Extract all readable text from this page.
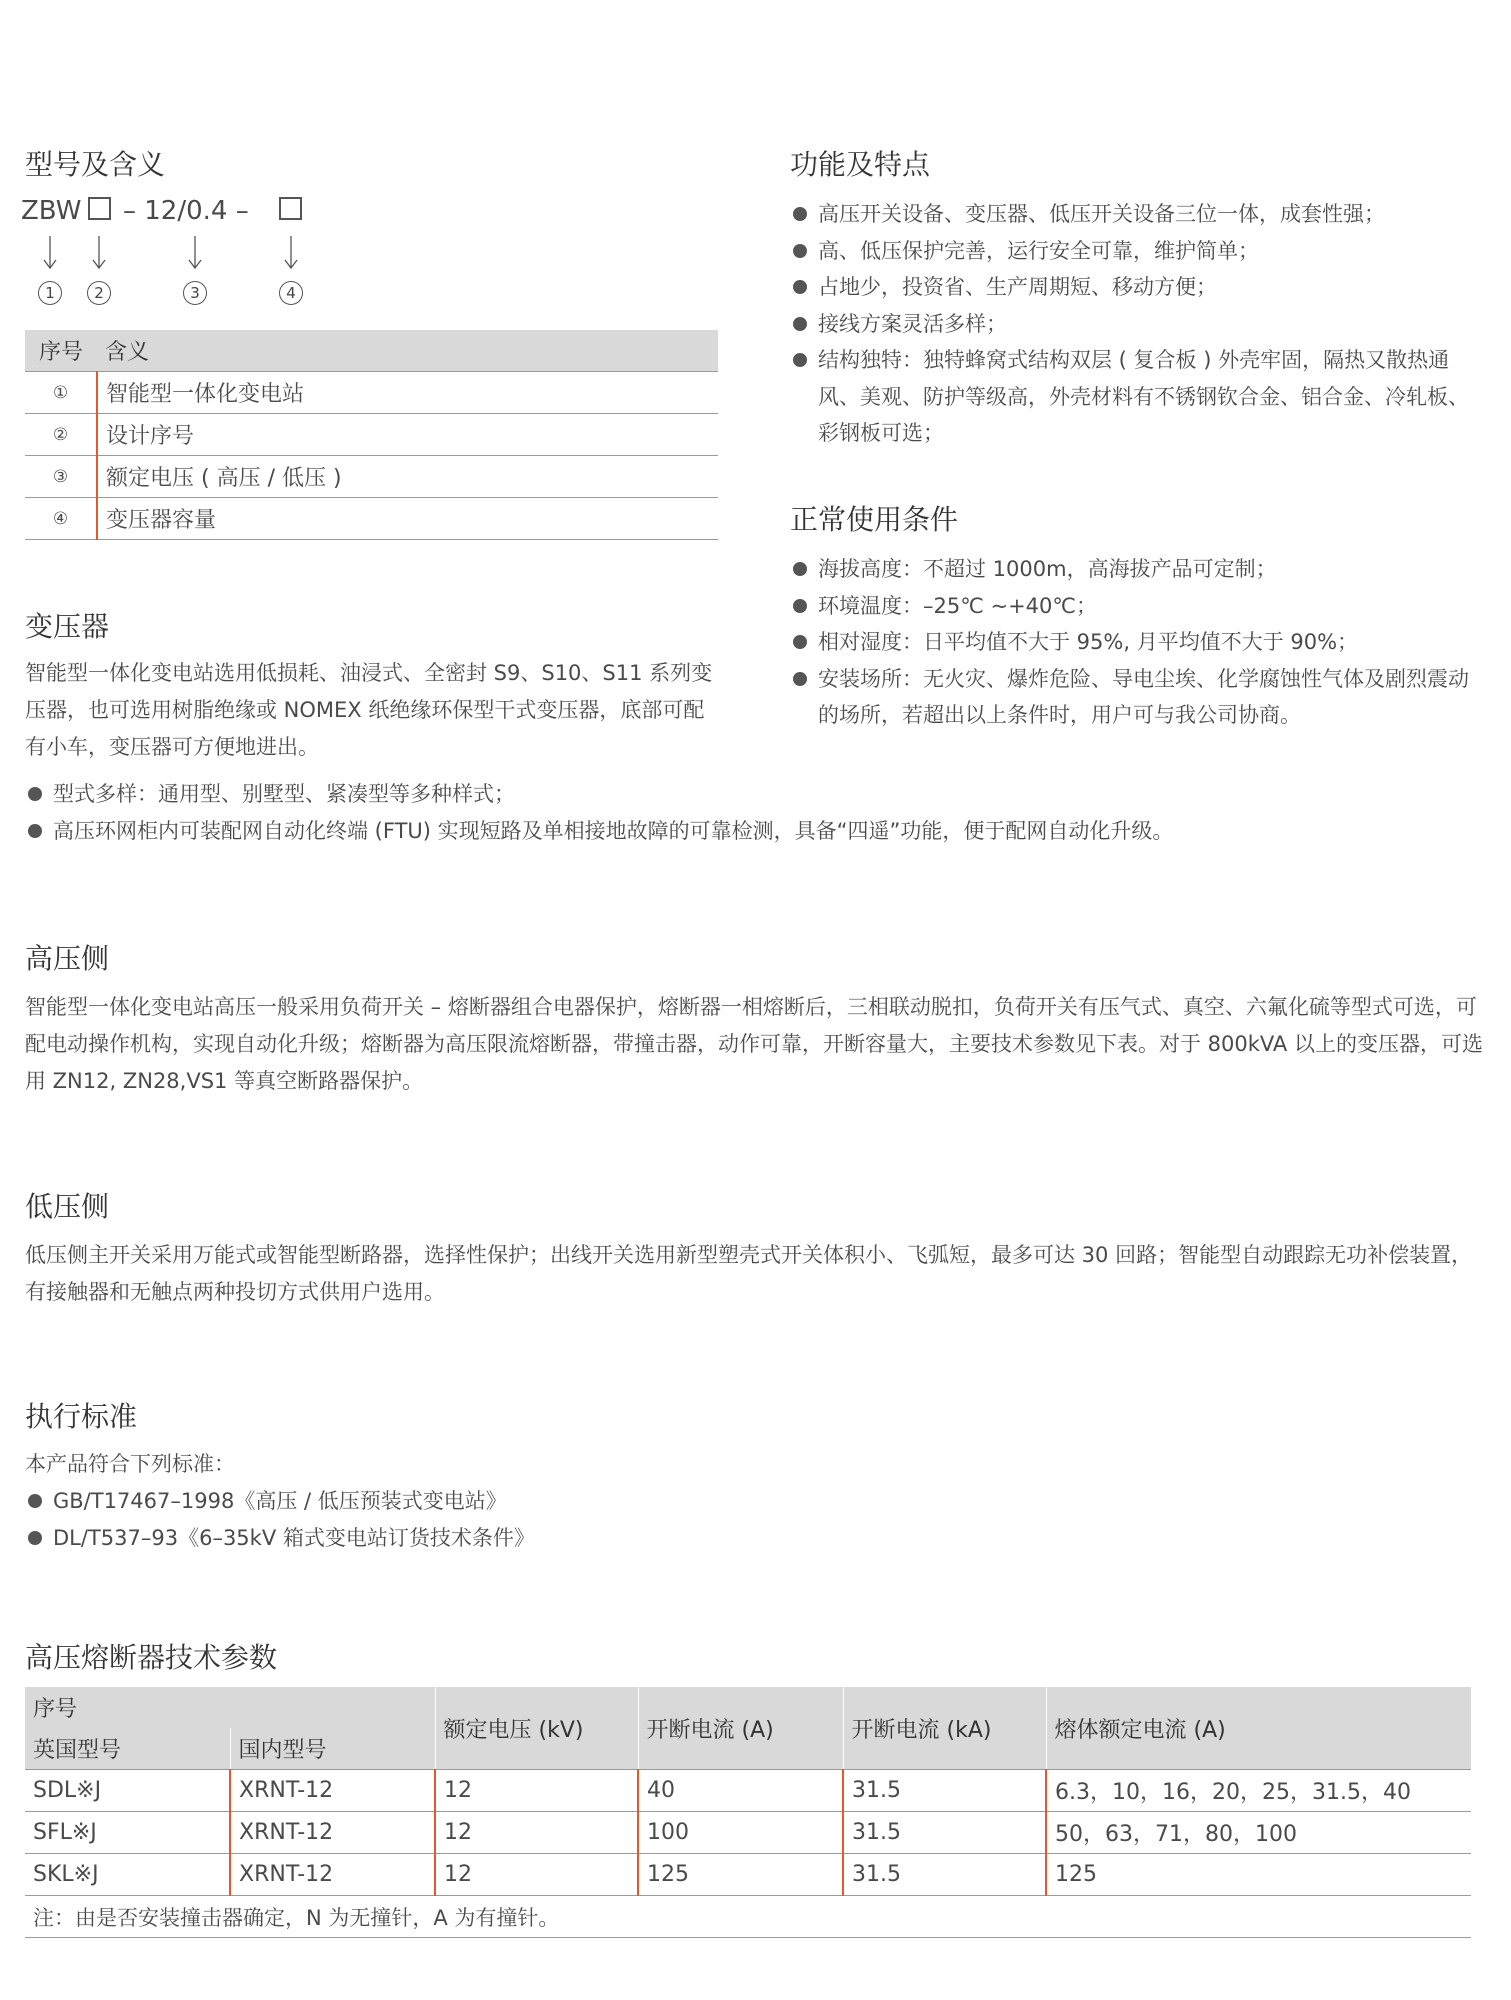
型号及含义
ZBW – 12/0.4 –
1	2	3	4
序号	含义
①	智能型一体化变电站
②	设计序号
③	额定电压 ( 高压 / 低压 )
④	变压器容量
变压器

智能型一体化变电站选用低损耗、油浸式、全密封 S9、S10、S11 系列变压器，也可选用树脂绝缘或 NOMEX 纸绝缘环保型干式变压器，底部可配有小车，变压器可方便地进出。

型式多样：通用型、别墅型、紧凑型等多种样式；
高压环网柜内可装配网自动化终端 (FTU) 实现短路及单相接地故障的可靠检测，具备“四遥”功能，便于配网自动化升级。
功能及特点
高压开关设备、变压器、低压开关设备三位一体，成套性强；
高、低压保护完善，运行安全可靠，维护简单；
占地少，投资省、生产周期短、移动方便；
接线方案灵活多样；
结构独特：独特蜂窝式结构双层 ( 复合板 ) 外壳牢固，隔热又散热通风、美观、防护等级高，外壳材料有不锈钢钦合金、铝合金、冷轧板、彩钢板可选；
正常使用条件
海拔高度：不超过 1000m，高海拔产品可定制；
环境温度：–25℃ ~+40℃；
相对湿度：日平均值不大于 95%, 月平均值不大于 90%；
安装场所：无火灾、爆炸危险、导电尘埃、化学腐蚀性气体及剧烈震动的场所，若超出以上条件时，用户可与我公司协商。
高压侧

智能型一体化变电站高压一般采用负荷开关 – 熔断器组合电器保护，熔断器一相熔断后，三相联动脱扣，负荷开关有压气式、真空、六氟化硫等型式可选，可配电动操作机构，实现自动化升级；熔断器为高压限流熔断器，带撞击器，动作可靠，开断容量大，主要技术参数见下表。对于 800kVA 以上的变压器，可选用 ZN12, ZN28,VS1 等真空断路器保护。

低压侧

低压侧主开关采用万能式或智能型断路器，选择性保护；出线开关选用新型塑壳式开关体积小、飞弧短，最多可达 30 回路；智能型自动跟踪无功补偿装置，有接触器和无触点两种投切方式供用户选用。

执行标准

本产品符合下列标准：

GB/T17467–1998《高压 / 低压预装式变电站》
DL/T537–93《6–35kV 箱式变电站订货技术条件》
高压熔断器技术参数
序号		额定电压 (kV)	开断电流 (A)	开断电流 (kA)	熔体额定电流 (A)
英国型号	国内型号				
SDL※J	XRNT-12	12	40	31.5	6.3，10，16，20，25，31.5，40
SFL※J	XRNT-12	12	100	31.5	50，63，71，80，100
SKL※J	XRNT-12	12	125	31.5	125
注：由是否安装撞击器确定，N 为无撞针，A 为有撞针。					
